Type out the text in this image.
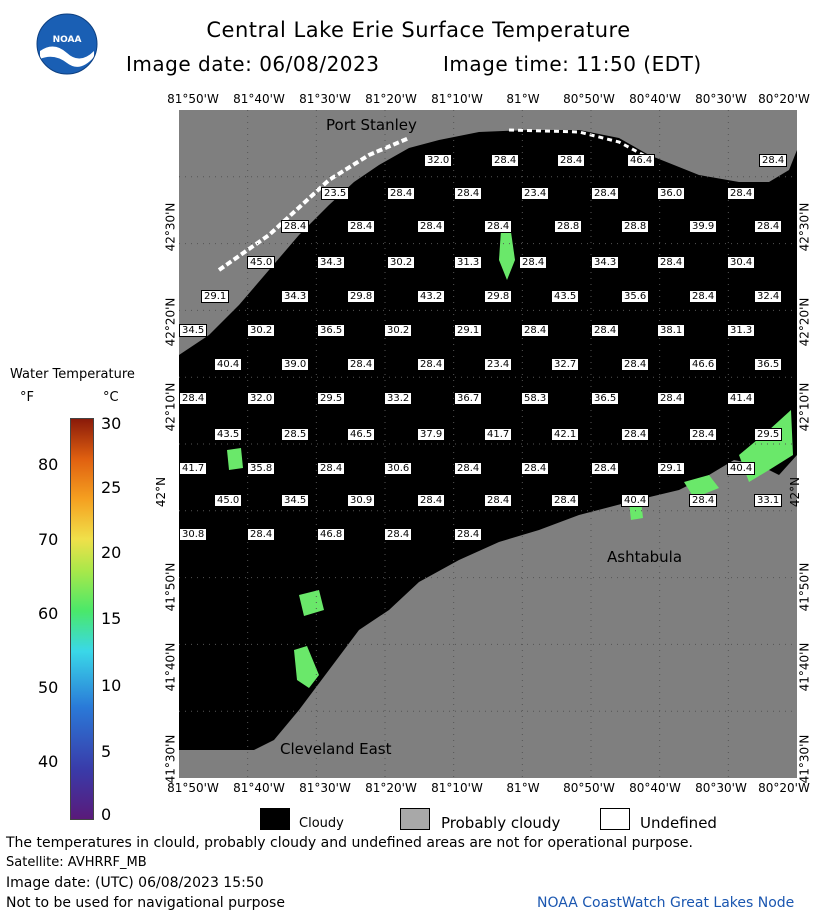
NOAA	Central Lake Erie Surface Temperature
Image date: 06/08/2023	Image time: 11:50 (EDT)
32.0	28.4	28.4	46.4	28.4
23.5	28.4	28.4	23.4	28.4	36.0	28.4
28.4	28.4	28.4	28.4	28.8	28.8	39.9	28.4
45.0	34.3	30.2	31.3	28.4	34.3	28.4	30.4
29.1	34.3	29.8	43.2	29.8	43.5	35.6	28.4	32.4
34.5	30.2	36.5	30.2	29.1	28.4	28.4	38.1	31.3
40.4	39.0	28.4	28.4	23.4	32.7	28.4	46.6	36.5
28.4	32.0	29.5	33.2	36.7	58.3	36.5	28.4	41.4
43.5	28.5	46.5	37.9	41.7	42.1	28.4	28.4	29.5
41.7	35.8	28.4	30.6	28.4	28.4	28.4	29.1	40.4
45.0	34.5	30.9	28.4	28.4	28.4	40.4	28.4	33.1
30.8	28.4	46.8	28.4	28.4
Port Stanley
Ashtabula
Cleveland East
81°50'W	81°40'W	81°30'W	81°20'W	81°10'W	81°W	80°50'W	80°40'W	80°30'W 80°20'W
81°50'W	81°40'W	81°30'W	81°20'W	81°10'W	81°W	80°50'W	80°40'W	80°30'W 80°20'W
42°30'N
42°20'N
42°10'N
42°N
41°50'N
41°40'N
41°30'N
42°30'N
42°20'N
42°10'N
42°N
41°50'N
41°40'N
41°30'N
Water Temperature
°F	°C
80
70
60
50
40
30
25
20
15
10
5
0	Cloudy	Probably cloudy	Undefined
The temperatures in clould, probably cloudy and undefined areas are not for operational purpose.
Satellite: AVHRRF_MB
Image date: (UTC) 06/08/2023 15:50
Not to be used for navigational purpose	NOAA CoastWatch Great Lakes Node
